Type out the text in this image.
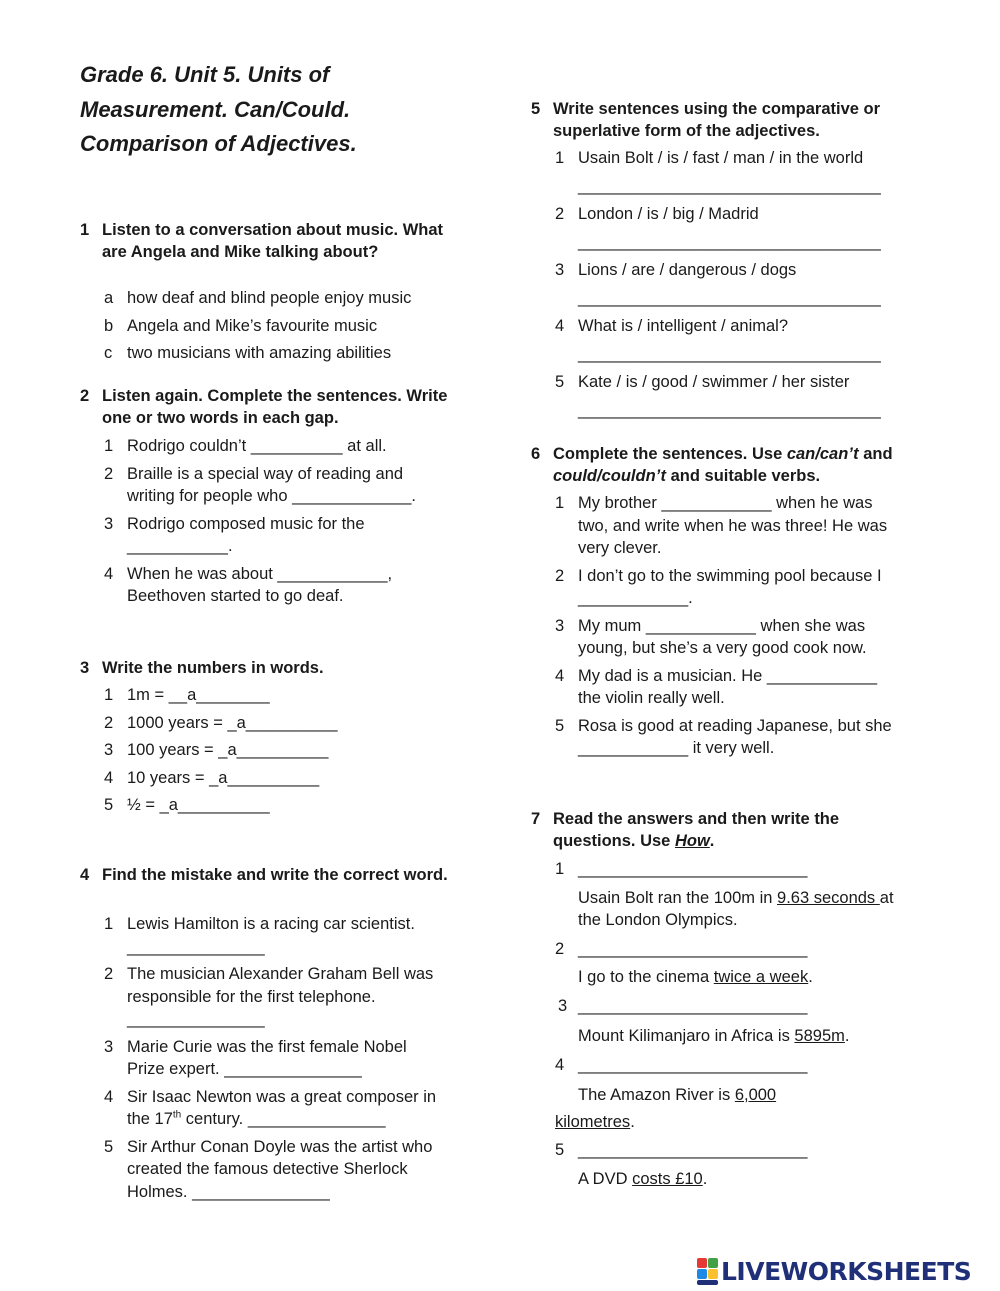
Grade 6. Unit 5. Units of
Measurement. Can/Could.
Comparison of Adjectives.
1 Listen to a conversation about music. What
are Angela and Mike talking about?
a how deaf and blind people enjoy music
b Angela and Mike’s favourite music
c two musicians with amazing abilities
2 Listen again. Complete the sentences. Write
one or two words in each gap.
1 Rodrigo couldn’t __________ at all.
2 Braille is a special way of reading and
writing for people who _____________.
3 Rodrigo composed music for the
___________.
4 When he was about ____________,
Beethoven started to go deaf.
3 Write the numbers in words.
1 1m = __a________
2 1000 years = _a__________
3 100 years = _a__________
4 10 years = _a__________
5 ½ = _a__________
4 Find the mistake and write the correct word.
1 Lewis Hamilton is a racing car scientist.
_______________
2 The musician Alexander Graham Bell was
responsible for the first telephone.
_______________
3 Marie Curie was the first female Nobel
Prize expert. _______________
4 Sir Isaac Newton was a great composer in
the 17th century. _______________
5 Sir Arthur Conan Doyle was the artist who
created the famous detective Sherlock
Holmes. _______________
5 Write sentences using the comparative or
superlative form of the adjectives.
1 Usain Bolt / is / fast / man / in the world
_________________________________
2 London / is / big / Madrid
_________________________________
3 Lions / are / dangerous / dogs
_________________________________
4 What is / intelligent / animal?
_________________________________
5 Kate / is / good / swimmer / her sister
_________________________________
6 Complete the sentences. Use can/can’t and
could/couldn’t and suitable verbs.
1 My brother ____________ when he was
two, and write when he was three! He was
very clever.
2 I don’t go to the swimming pool because I
____________.
3 My mum ____________ when she was
young, but she’s a very good cook now.
4 My dad is a musician. He ____________
the violin really well.
5 Rosa is good at reading Japanese, but she
____________ it very well.
7 Read the answers and then write the
questions. Use How.
1 _________________________
Usain Bolt ran the 100m in 9.63 seconds at
the London Olympics.
2 _________________________
I go to the cinema twice a week.
3 _________________________
Mount Kilimanjaro in Africa is 5895m.
4 _________________________
The Amazon River is 6,000
kilometres.
5 _________________________
A DVD costs £10.
LIVEWORKSHEETS
